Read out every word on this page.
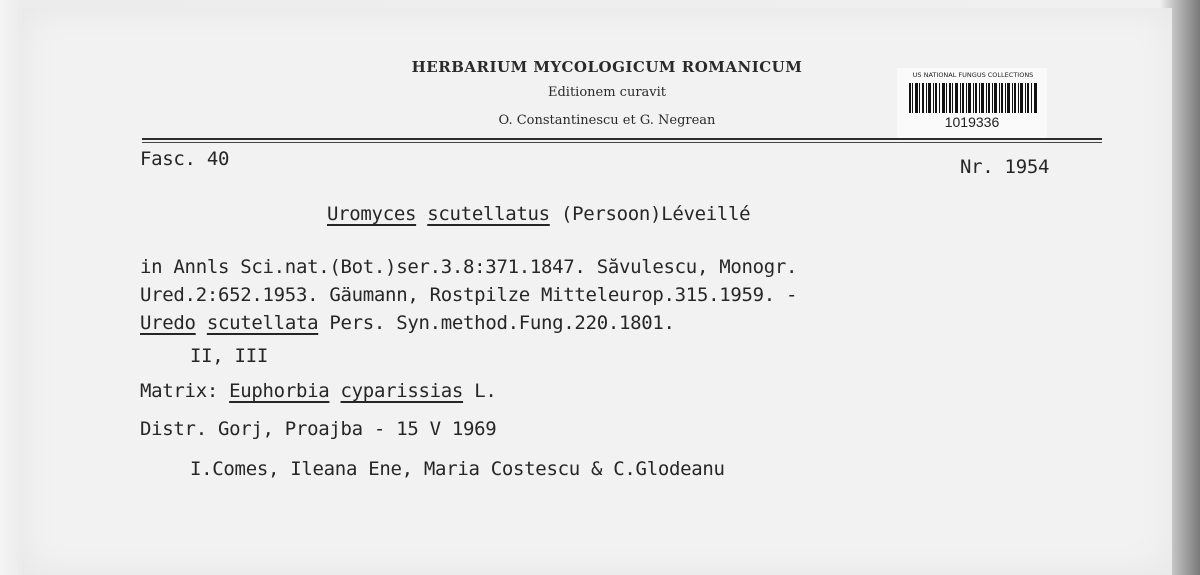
HERBARIUM MYCOLOGICUM ROMANICUM
Editionem curavit
O. Constantinescu et G. Negrean
US NATIONAL FUNGUS COLLECTIONS
1019336
Fasc. 40	Nr. 1954
Uromyces scutellatus (Persoon)Léveillé
in Annls Sci.nat.(Bot.)ser.3.8:371.1847. Săvulescu, Monogr.
Ured.2:652.1953. Gäumann, Rostpilze Mitteleurop.315.1959. -
Uredo scutellata Pers. Syn.method.Fung.220.1801.
II, III
Matrix: Euphorbia cyparissias L.
Distr. Gorj, Proajba - 15 V 1969
I.Comes, Ileana Ene, Maria Costescu & C.Glodeanu
